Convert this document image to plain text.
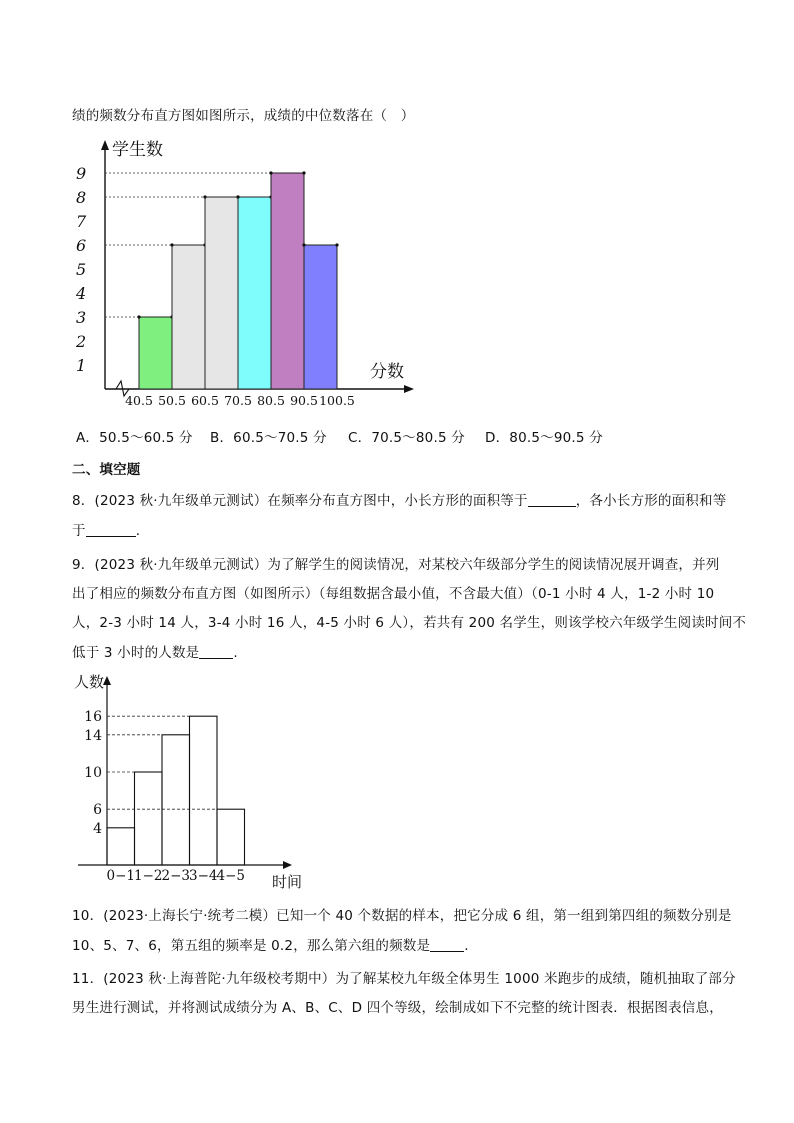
绩的频数分布直方图如图所示，成绩的中位数落在（　）
学生数
分数
1
2
3
4
5
6
7
8
9
40.5 50.5 60.5 70.5 80.5 90.5 100.5
A．50.5～60.5 分 B．60.5～70.5 分 C．70.5～80.5 分 D．80.5～90.5 分
二、填空题
8．(2023 秋·九年级单元测试）在频率分布直方图中，小长方形的面积等于	，各小长方形的面积和等
于	.
9．(2023 秋·九年级单元测试）为了解学生的阅读情况，对某校六年级部分学生的阅读情况展开调查，并列
出了相应的频数分布直方图（如图所示）（每组数据含最小值，不含最大值）（0-1 小时 4 人，1-2 小时 10
人，2-3 小时 14 人，3-4 小时 16 人，4-5 小时 6 人），若共有 200 名学生，则该学校六年级学生阅读时间不
低于 3 小时的人数是	.
人数
时间
4
6
10
14
16
0−1 1−2 2−3 3−4 4−5
10．(2023·上海长宁·统考二模）已知一个 40 个数据的样本，把它分成 6 组，第一组到第四组的频数分别是
10、5、7、6，第五组的频率是 0.2，那么第六组的频数是	.
11．(2023 秋·上海普陀·九年级校考期中）为了解某校九年级全体男生 1000 米跑步的成绩，随机抽取了部分
男生进行测试，并将测试成绩分为 A、B、C、D 四个等级，绘制成如下不完整的统计图表．根据图表信息，
